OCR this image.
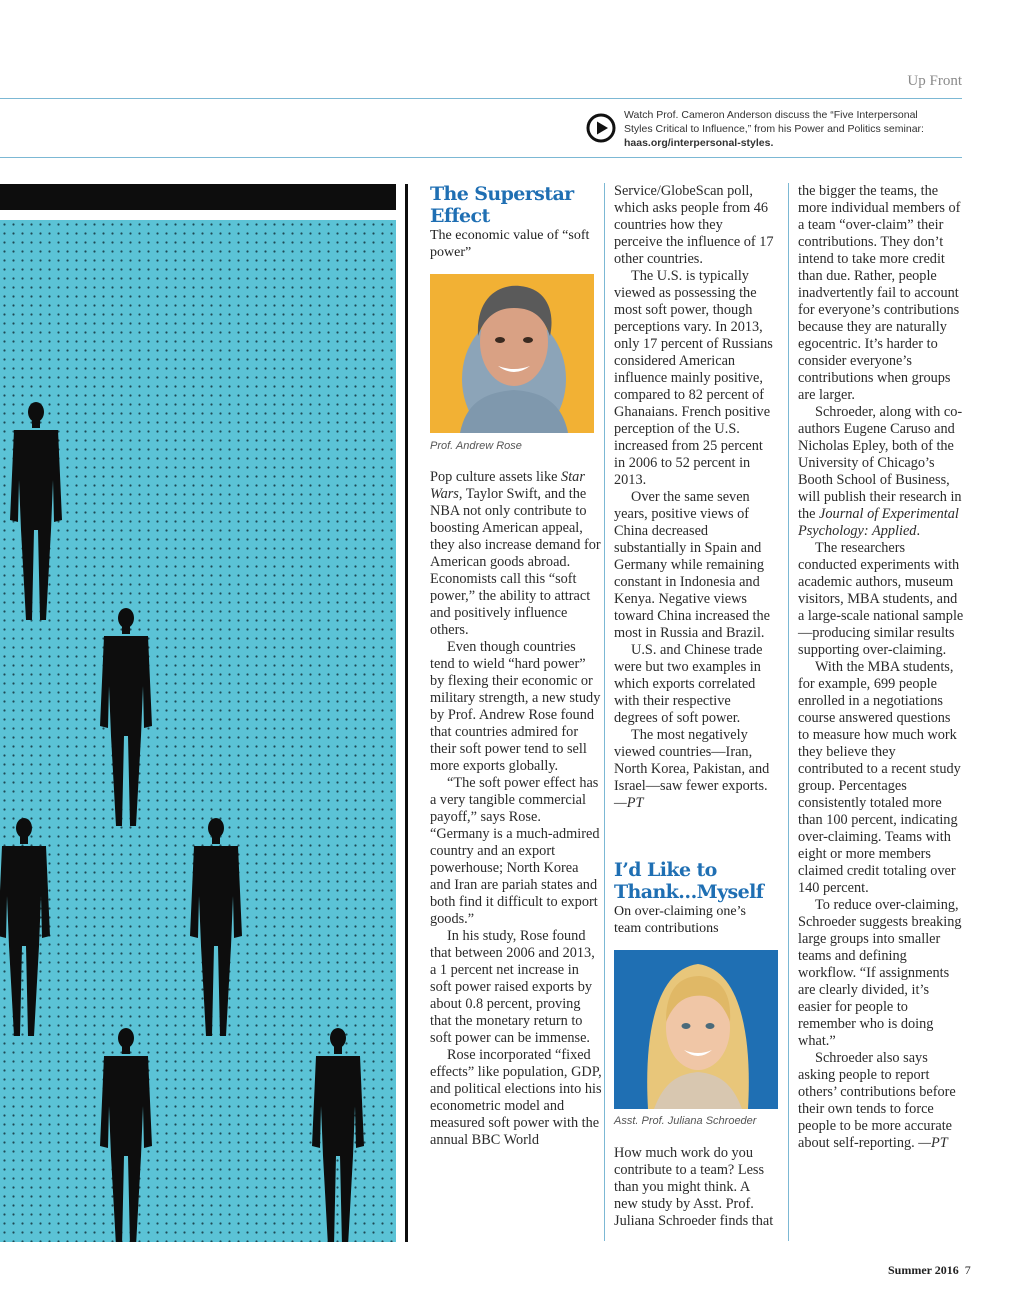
Up Front
Watch Prof. Cameron Anderson discuss the “Five Interpersonal Styles Critical to Influence,” from his Power and Politics seminar: haas.org/interpersonal-styles.

The Superstar
Effect

The economic value of “soft power”

Prof. Andrew Rose

Pop culture assets like Star Wars, Taylor Swift, and the NBA not only contribute to boosting American appeal, they also increase demand for American goods abroad. Economists call this “soft power,” the ability to attract and positively influence others.

Even though countries tend to wield “hard power” by flexing their economic or military strength, a new study by Prof. Andrew Rose found that countries admired for their soft power tend to sell more exports globally.

“The soft power effect has a very tangible commercial payoff,” says Rose. “Germany is a much-admired country and an export powerhouse; North Korea and Iran are pariah states and both find it difficult to export goods.”

In his study, Rose found that between 2006 and 2013, a 1 percent net increase in soft power raised exports by about 0.8 percent, proving that the monetary return to soft power can be immense.

Rose incorporated “fixed effects” like population, GDP, and political elections into his econometric model and measured soft power with the annual BBC World

Service/GlobeScan poll, which asks people from 46 countries how they perceive the influence of 17 other countries.

The U.S. is typically viewed as possessing the most soft power, though perceptions vary. In 2013, only 17 percent of Russians considered American influence mainly positive, compared to 82 percent of Ghanaians. French positive perception of the U.S. increased from 25 percent in 2006 to 52 percent in 2013.

Over the same seven years, positive views of China decreased substantially in Spain and Germany while remaining constant in Indonesia and Kenya. Negative views toward China increased the most in Russia and Brazil.

U.S. and Chinese trade were but two examples in which exports correlated with their respective degrees of soft power.

The most negatively viewed countries—Iran, North Korea, Pakistan, and Israel—saw fewer exports. —PT

I’d Like to
Thank…Myself

On over-claiming one’s team contributions

Asst. Prof. Juliana Schroeder

How much work do you contribute to a team? Less than you might think. A new study by Asst. Prof. Juliana Schroeder finds that

the bigger the teams, the more individual members of a team “over-claim” their contributions. They don’t intend to take more credit than due. Rather, people inadvertently fail to account for everyone’s contributions because they are naturally egocentric. It’s harder to consider everyone’s contributions when groups are larger.

Schroeder, along with co-authors Eugene Caruso and Nicholas Epley, both of the University of Chicago’s Booth School of Business, will publish their research in the Journal of Experimental Psychology: Applied.

The researchers conducted experiments with academic authors, museum visitors, MBA students, and a large-scale national sample—producing similar results supporting over-claiming.

With the MBA students, for example, 699 people enrolled in a negotiations course answered questions to measure how much work they believe they contributed to a recent study group. Percentages consistently totaled more than 100 percent, indicating over-claiming. Teams with eight or more members claimed credit totaling over 140 percent.

To reduce over-claiming, Schroeder suggests breaking large groups into smaller teams and defining workflow. “If assignments are clearly divided, it’s easier for people to remember who is doing what.”

Schroeder also says asking people to report others’ contributions before their own tends to force people to be more accurate about self-reporting. —PT

Summer 2016 7
